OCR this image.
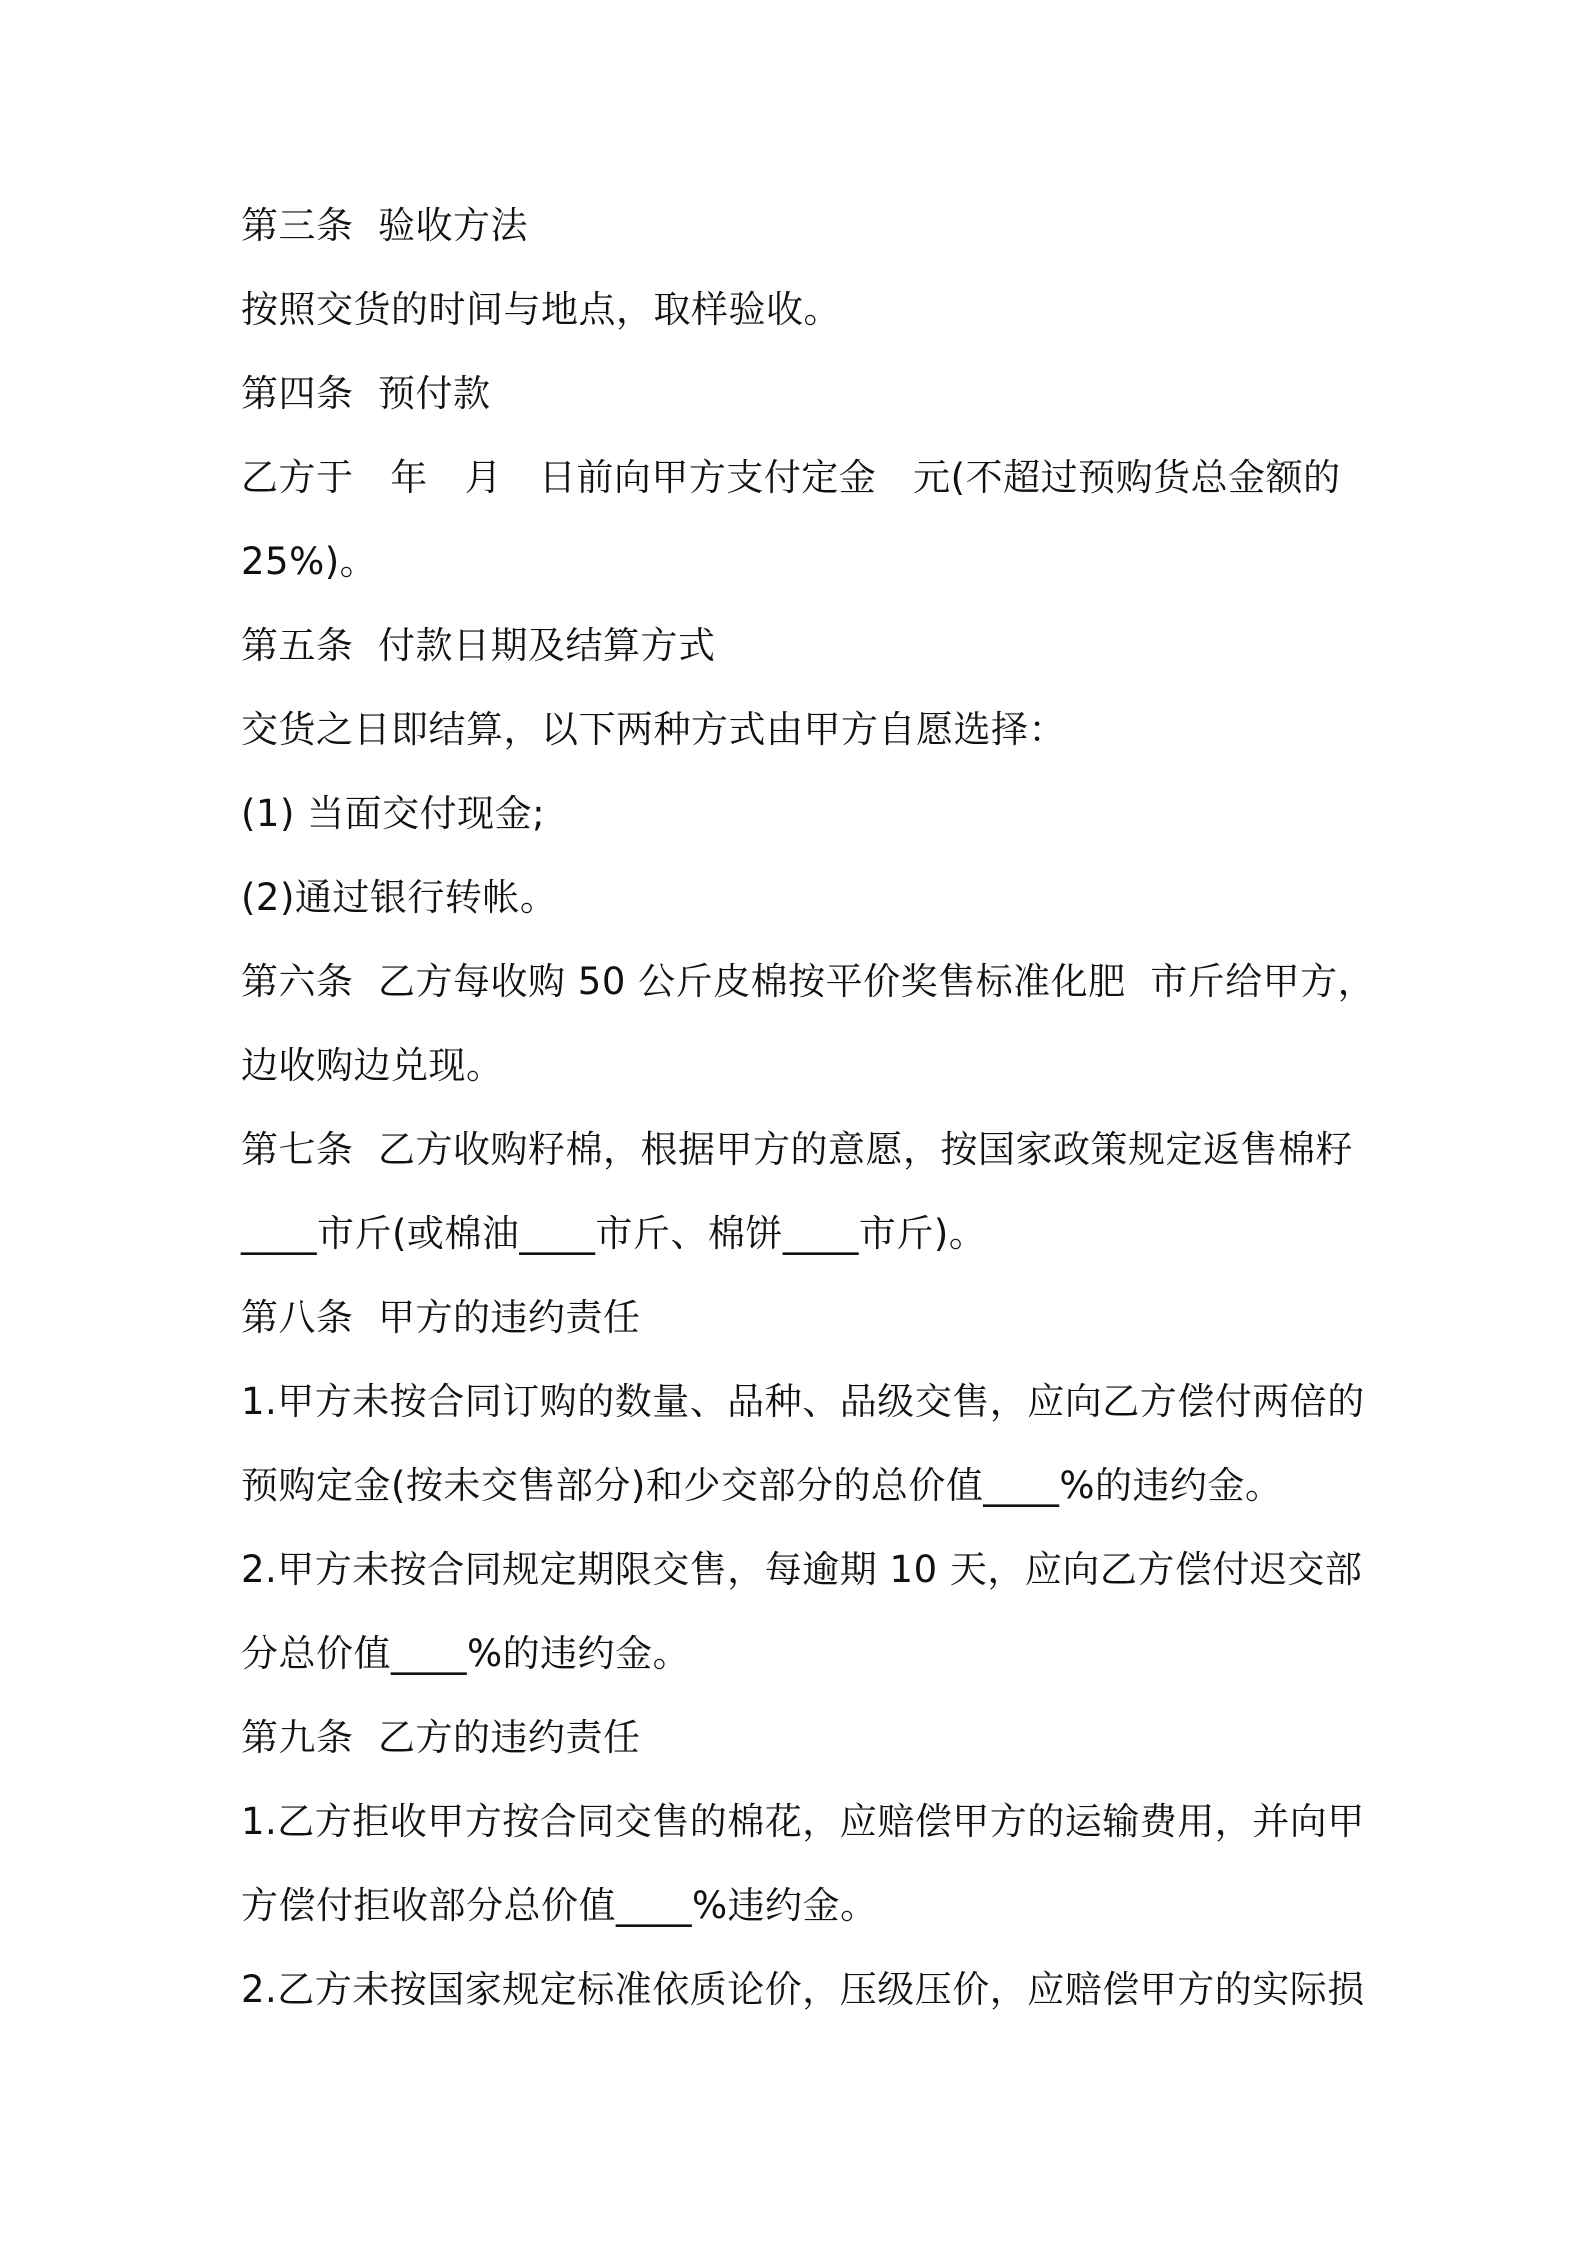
第三条  验收方法
按照交货的时间与地点，取样验收。
第四条  预付款
乙方于   年   月   日前向甲方支付定金   元(不超过预购货总金额的
25%)。
第五条  付款日期及结算方式
交货之日即结算，以下两种方式由甲方自愿选择：
(1) 当面交付现金;
(2)通过银行转帐。
第六条  乙方每收购 50 公斤皮棉按平价奖售标准化肥  市斤给甲方，
边收购边兑现。
第七条  乙方收购籽棉，根据甲方的意愿，按国家政策规定返售棉籽
____市斤(或棉油____市斤、棉饼____市斤)。
第八条  甲方的违约责任
1.甲方未按合同订购的数量、品种、品级交售，应向乙方偿付两倍的
预购定金(按未交售部分)和少交部分的总价值____%的违约金。
2.甲方未按合同规定期限交售，每逾期 10 天，应向乙方偿付迟交部
分总价值____%的违约金。
第九条  乙方的违约责任
1.乙方拒收甲方按合同交售的棉花，应赔偿甲方的运输费用，并向甲
方偿付拒收部分总价值____%违约金。
2.乙方未按国家规定标准依质论价，压级压价，应赔偿甲方的实际损
